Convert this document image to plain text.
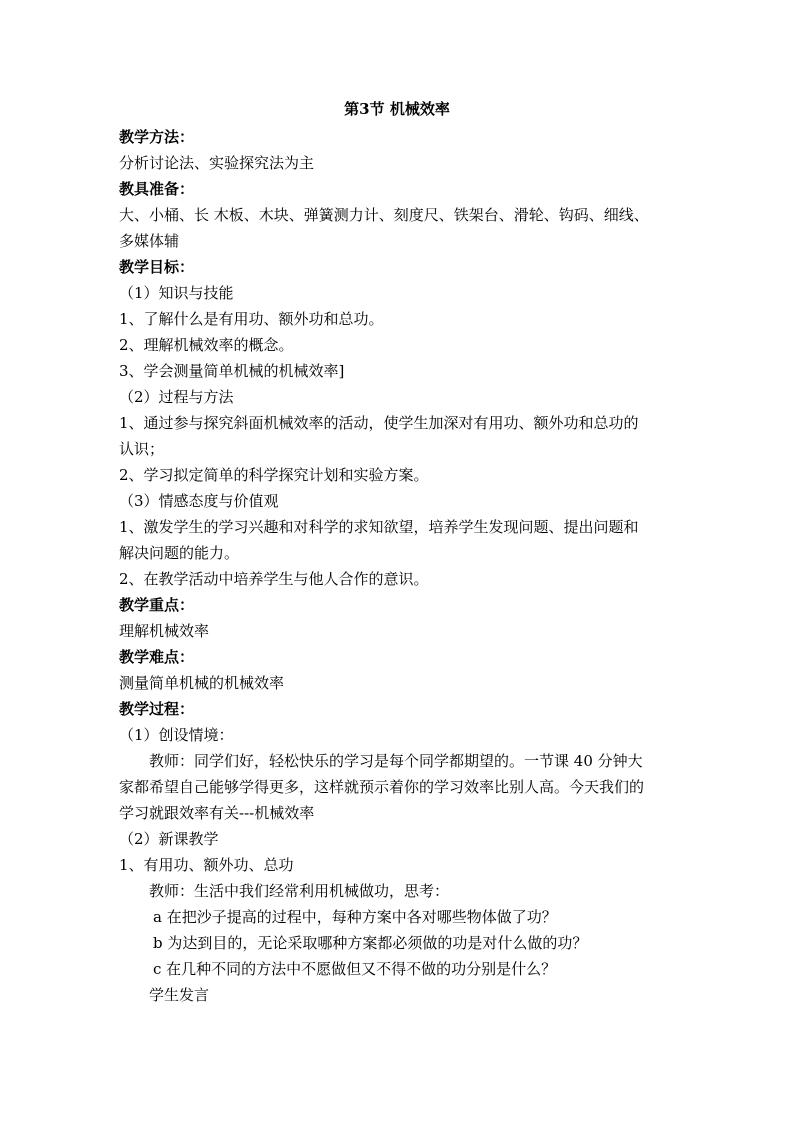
第3节 机械效率
教学方法：
分析讨论法、实验探究法为主
教具准备：
大、小桶、长 木板、木块、弹簧测力计、刻度尺、铁架台、滑轮、钩码、细线、
多媒体辅
教学目标：
（1）知识与技能
1、了解什么是有用功、额外功和总功。
2、理解机械效率的概念。
3、学会测量简单机械的机械效率]
（2）过程与方法
1、通过参与探究斜面机械效率的活动，使学生加深对有用功、额外功和总功的
认识；
2、学习拟定简单的科学探究计划和实验方案。
（3）情感态度与价值观
1、激发学生的学习兴趣和对科学的求知欲望，培养学生发现问题、提出问题和
解决问题的能力。
2、在教学活动中培养学生与他人合作的意识。
教学重点：
理解机械效率
教学难点：
测量简单机械的机械效率
教学过程：
（1）创设情境：
教师：同学们好，轻松快乐的学习是每个同学都期望的。一节课 40 分钟大
家都希望自己能够学得更多，这样就预示着你的学习效率比别人高。今天我们的
学习就跟效率有关---机械效率
（2）新课教学
1、有用功、额外功、总功
教师：生活中我们经常利用机械做功，思考：
a 在把沙子提高的过程中，每种方案中各对哪些物体做了功？
b 为达到目的，无论采取哪种方案都必须做的功是对什么做的功？
c 在几种不同的方法中不愿做但又不得不做的功分别是什么？
学生发言
